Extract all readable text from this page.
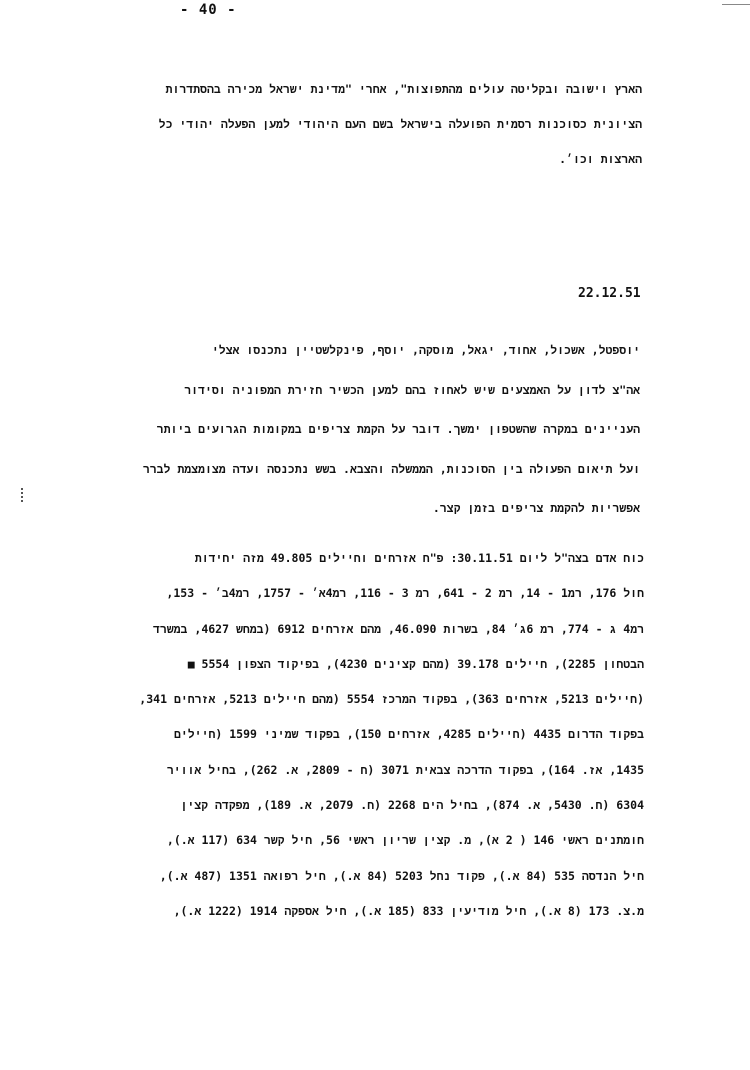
- 40 -
הארץ וישובה ובקליטה עולים מהתפוצות", אחרי "מדינת ישראל מכירה בהסתדרות
הציונית כסוכנות רסמית הפועלה בישראל בשם העם היהודי למען הפעלה יהודי כל
הארצות וכו׳.
22.12.51
יוספטל, אשכול, אחוד, יגאל, מוסקה, יוסף, פינקלשטיין נתכנסו אצלי
אה"צ לדון על האמצעים שיש לאחוז בהם למען הכשיר חזירת המפוניה וסידור
העניינים במקרה שהשטפון ימשך. דובר על הקמת צריפים במקומות הגרועים ביותר
ועל תיאום הפעולה בין הסוכנות, הממשלה והצבא. בשש נתכנסה ועדה מצומצמת לברר
אפשריות להקמת צריפים בזמן קצר.
כוח אדם בצה"ל ליום 30.11.51: פ"ח אזרחים וחיילים 49.805 מזה יחידות
חול 176, רמ1 - 14, רמ 2 - 641, רמ 3 - 116, רמ4א׳ - 1757, רמ4ב׳ - 153,
רמ4 ג - 774, רמ 6ג׳ 84, בשרות 46.090, מהם אזרחים 6912 (במחש 4627, במשרד
הבטחון 2285), חיילים 39.178 (מהם קצינים 4230), בפיקוד הצפון 5554 ■
(חיילים 5213, אזרחים 363), בפקוד המרכז 5554 (מהם חיילים 5213, אזרחים 341,
בפקוד הדרום 4435 (חיילים 4285, אזרחים 150), בפקוד שמיני 1599 (חיילים
1435, אז. 164), בפקוד הדרכה צבאית 3071 (ח - 2809, א. 262), בחיל אוויר
6304 (ח. 5430, א. 874), בחיל הים 2268 (ח. 2079, א. 189), מפקדה קצין
חומתנים ראשי 146 ( 2 א), מ. קצין שריון ראשי 56, חיל קשר 634 (117 א.),
חיל הנדסה 535 (84 א.), פקוד נחל 5203 (84 א.), חיל רפואה 1351 (487 א.),
מ.צ. 173 (8 א.), חיל מודיעין 833 (185 א.), חיל אספקה 1914 (1222 א.),
